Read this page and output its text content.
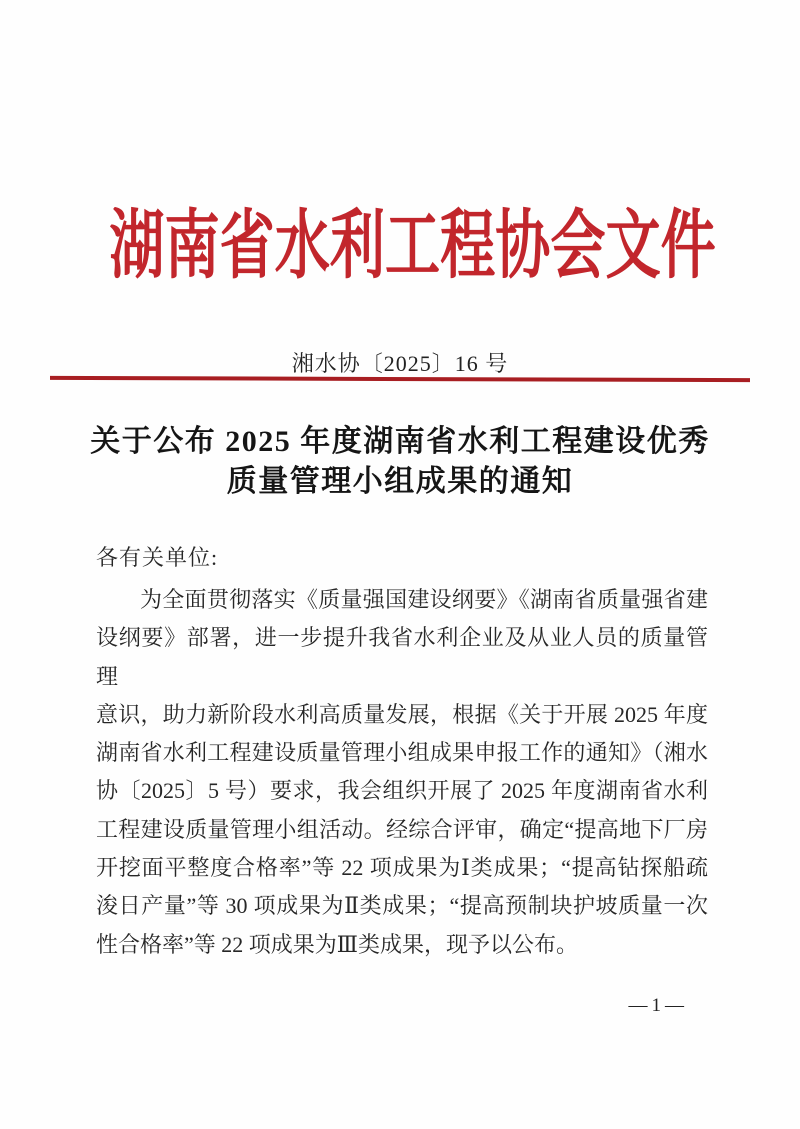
湖南省水利工程协会文件
湘水协〔2025〕16 号
关于公布 2025 年度湖南省水利工程建设优秀
质量管理小组成果的通知
各有关单位:
为全面贯彻落实《质量强国建设纲要》《湖南省质量强省建
设纲要》部署，进一步提升我省水利企业及从业人员的质量管理
意识，助力新阶段水利高质量发展，根据《关于开展 2025 年度
湖南省水利工程建设质量管理小组成果申报工作的通知》（湘水
协〔2025〕5 号）要求，我会组织开展了 2025 年度湖南省水利
工程建设质量管理小组活动。经综合评审，确定“提高地下厂房
开挖面平整度合格率”等 22 项成果为Ⅰ类成果；“提高钻探船疏
浚日产量”等 30 项成果为Ⅱ类成果；“提高预制块护坡质量一次
性合格率”等 22 项成果为Ⅲ类成果，现予以公布。
—1—
